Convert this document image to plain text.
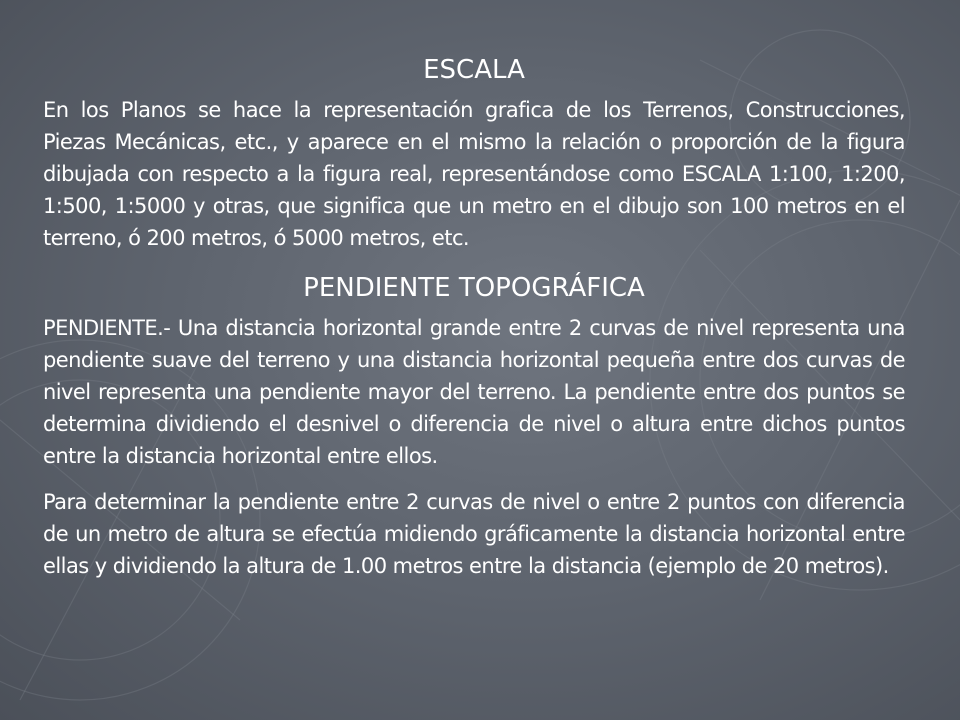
ESCALA

En los Planos se hace la representación grafica de los Terrenos, Construcciones, Piezas Mecánicas, etc., y aparece en el mismo la relación o proporción de la figura dibujada con respecto a la figura real, representándose como ESCALA 1:100, 1:200, 1:500, 1:5000 y otras, que significa que un metro en el dibujo son 100 metros en el terreno, ó 200 metros, ó 5000 metros, etc.

PENDIENTE TOPOGRÁFICA

PENDIENTE.- Una distancia horizontal grande entre 2 curvas de nivel representa una pendiente suave del terreno y una distancia horizontal pequeña entre dos curvas de nivel representa una pendiente mayor del terreno. La pendiente entre dos puntos se determina dividiendo el desnivel o diferencia de nivel o altura entre dichos puntos entre la distancia horizontal entre ellos.

Para determinar la pendiente entre 2 curvas de nivel o entre 2 puntos con diferencia de un metro de altura se efectúa midiendo gráficamente la distancia horizontal entre ellas y dividiendo la altura de 1.00 metros entre la distancia (ejemplo de 20 metros).
